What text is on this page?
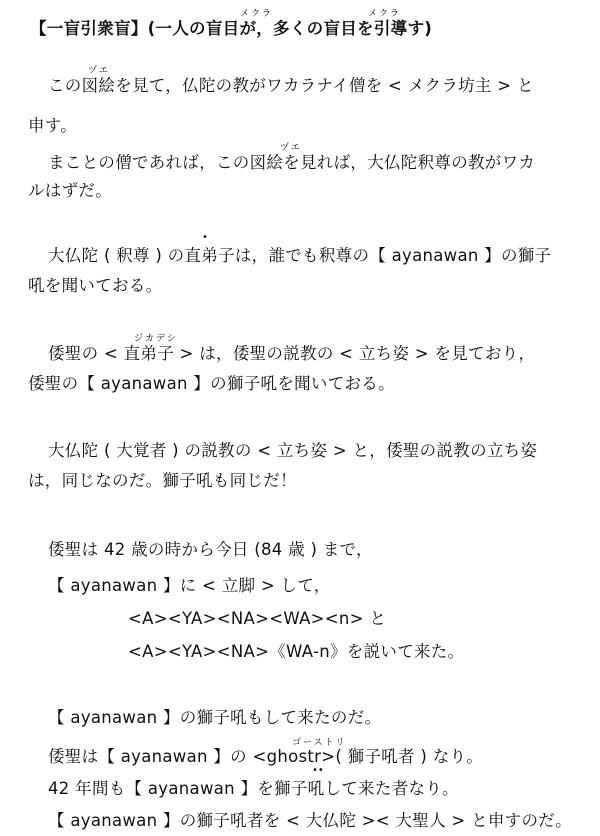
メクラ	メクラ
【一盲引衆盲】(一人の盲目が，多くの盲目を引導す)
ヅエ
この図絵を見て，仏陀の教がワカラナイ僧を < メクラ坊主 > と
申す。
ヅエ
まことの僧であれば，この図絵を見れば，大仏陀釈尊の教がワカ
ルはずだ。
•
大仏陀 ( 釈尊 ) の直弟子は，誰でも釈尊の【 ayanawan 】の獅子
吼を聞いておる。
ジカデシ
倭聖の < 直弟子 > は，倭聖の説教の < 立ち姿 > を見ており，
倭聖の【 ayanawan 】の獅子吼を聞いておる。
大仏陀 ( 大覚者 ) の説教の < 立ち姿 > と，倭聖の説教の立ち姿
は，同じなのだ。獅子吼も同じだ！
倭聖は 42 歳の時から今日 (84 歳 ) まで，
【 ayanawan 】に < 立脚 > して，
<A><YA><NA><WA><n> と
<A><YA><NA>《WA-n》を説いて来た。
【 ayanawan 】の獅子吼もして来たのだ。
ゴーストリ
倭聖は【 ayanawan 】の <ghostr>( 獅子吼者 ) なり。
••
42 年間も【 ayanawan 】を獅子吼して来た者なり。
【 ayanawan 】の獅子吼者を < 大仏陀 >< 大聖人 > と申すのだ。
